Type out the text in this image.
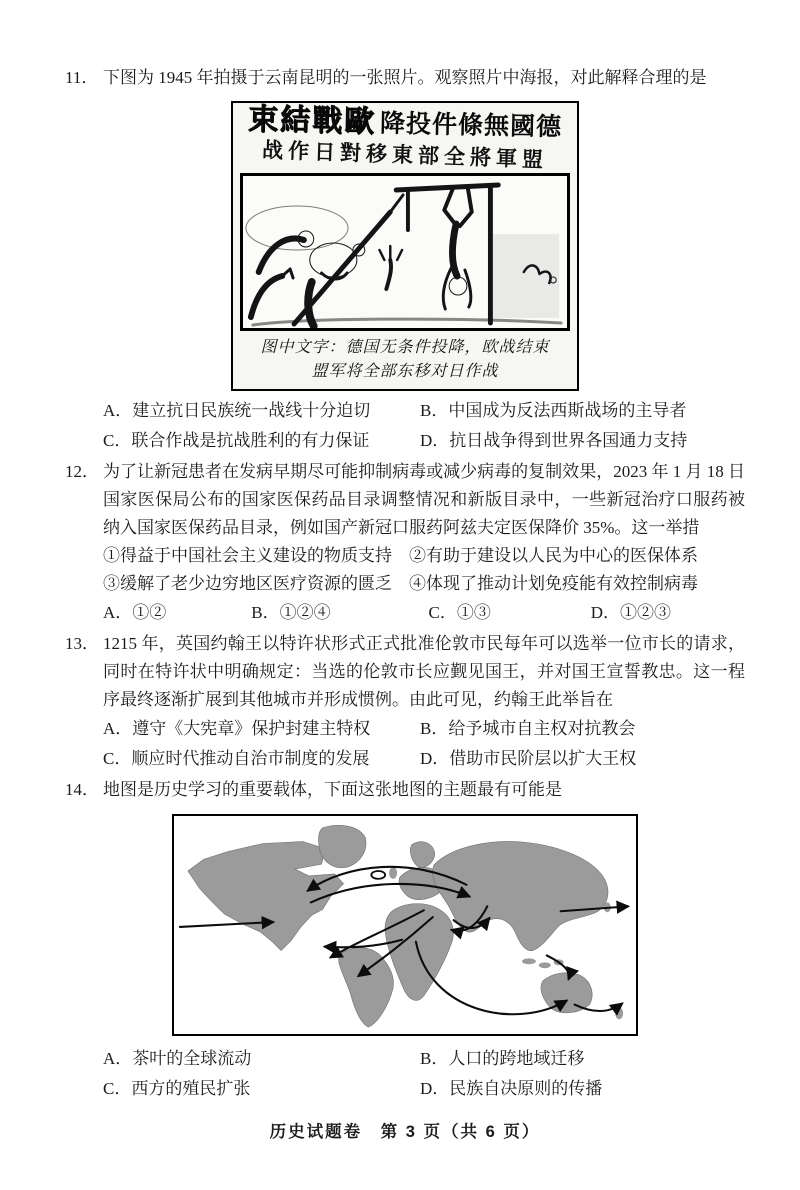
11． 下图为 1945 年拍摄于云南昆明的一张照片。观察照片中海报，对此解释合理的是
束結戰歐 降投件條無國德
战作日對移東部全將軍盟
图中文字：德国无条件投降，欧战结束
盟军将全部东移对日作战
A．建立抗日民族统一战线十分迫切	B．中国成为反法西斯战场的主导者
C．联合作战是抗战胜利的有力保证	D．抗日战争得到世界各国通力支持
12． 为了让新冠患者在发病早期尽可能抑制病毒或减少病毒的复制效果，2023 年 1 月 18 日国家医保局公布的国家医保药品目录调整情况和新版目录中，一些新冠治疗口服药被纳入国家医保药品目录，例如国产新冠口服药阿兹夫定医保降价 35%。这一举措
①得益于中国社会主义建设的物质支持　②有助于建设以人民为中心的医保体系
③缓解了老少边穷地区医疗资源的匮乏　④体现了推动计划免疫能有效控制病毒
A．①②	B．①②④	C．①③	D．①②③
13． 1215 年，英国约翰王以特许状形式正式批准伦敦市民每年可以选举一位市长的请求，同时在特许状中明确规定：当选的伦敦市长应觐见国王，并对国王宣誓教忠。这一程序最终逐渐扩展到其他城市并形成惯例。由此可见，约翰王此举旨在
A．遵守《大宪章》保护封建主特权	B．给予城市自主权对抗教会
C．顺应时代推动自治市制度的发展	D．借助市民阶层以扩大王权
14． 地图是历史学习的重要载体，下面这张地图的主题最有可能是
A．茶叶的全球流动	B．人口的跨地域迁移
C．西方的殖民扩张	D．民族自决原则的传播
历史试题卷　第 3 页（共 6 页）
